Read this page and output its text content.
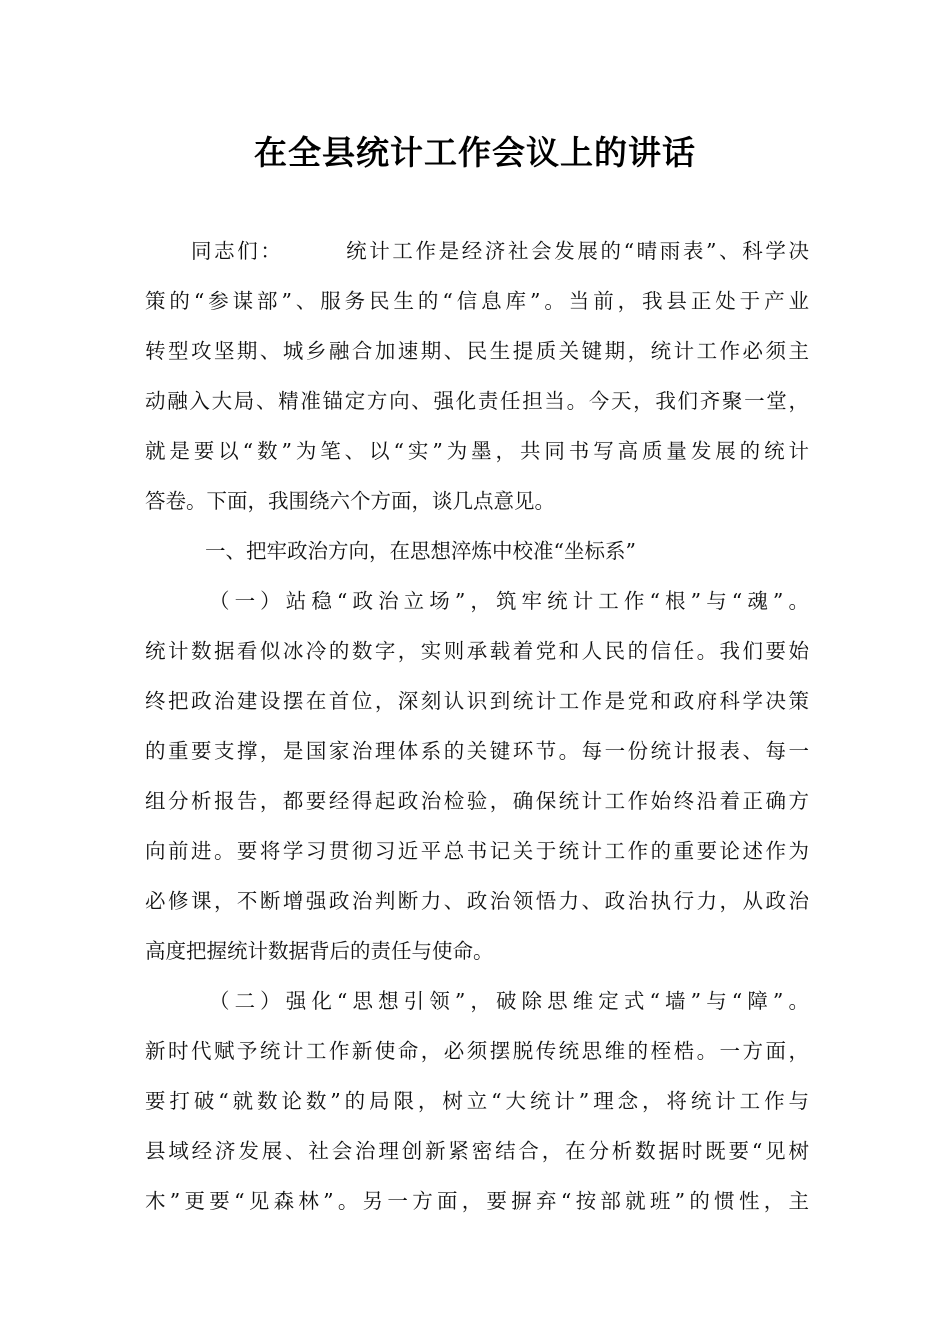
在全县统计工作会议上的讲话
同志们：	统计工作是经济社会发展的“晴雨表”、科学决
策的“参谋部”、服务民生的“信息库”。当前，我县正处于产业
转型攻坚期、城乡融合加速期、民生提质关键期，统计工作必须主
动融入大局、精准锚定方向、强化责任担当。今天，我们齐聚一堂，
就是要以“数”为笔、以“实”为墨，共同书写高质量发展的统计
答卷。下面，我围绕六个方面，谈几点意见。
一、把牢政治方向，在思想淬炼中校准“坐标系”
（一）站稳“政治立场”，筑牢统计工作“根”与“魂”。
统计数据看似冰冷的数字，实则承载着党和人民的信任。我们要始
终把政治建设摆在首位，深刻认识到统计工作是党和政府科学决策
的重要支撑，是国家治理体系的关键环节。每一份统计报表、每一
组分析报告，都要经得起政治检验，确保统计工作始终沿着正确方
向前进。要将学习贯彻习近平总书记关于统计工作的重要论述作为
必修课，不断增强政治判断力、政治领悟力、政治执行力，从政治
高度把握统计数据背后的责任与使命。
（二）强化“思想引领”，破除思维定式“墙”与“障”。
新时代赋予统计工作新使命，必须摆脱传统思维的桎梏。一方面，
要打破“就数论数”的局限，树立“大统计”理念，将统计工作与
县域经济发展、社会治理创新紧密结合，在分析数据时既要“见树
木”更要“见森林”。另一方面，要摒弃“按部就班”的惯性，主
